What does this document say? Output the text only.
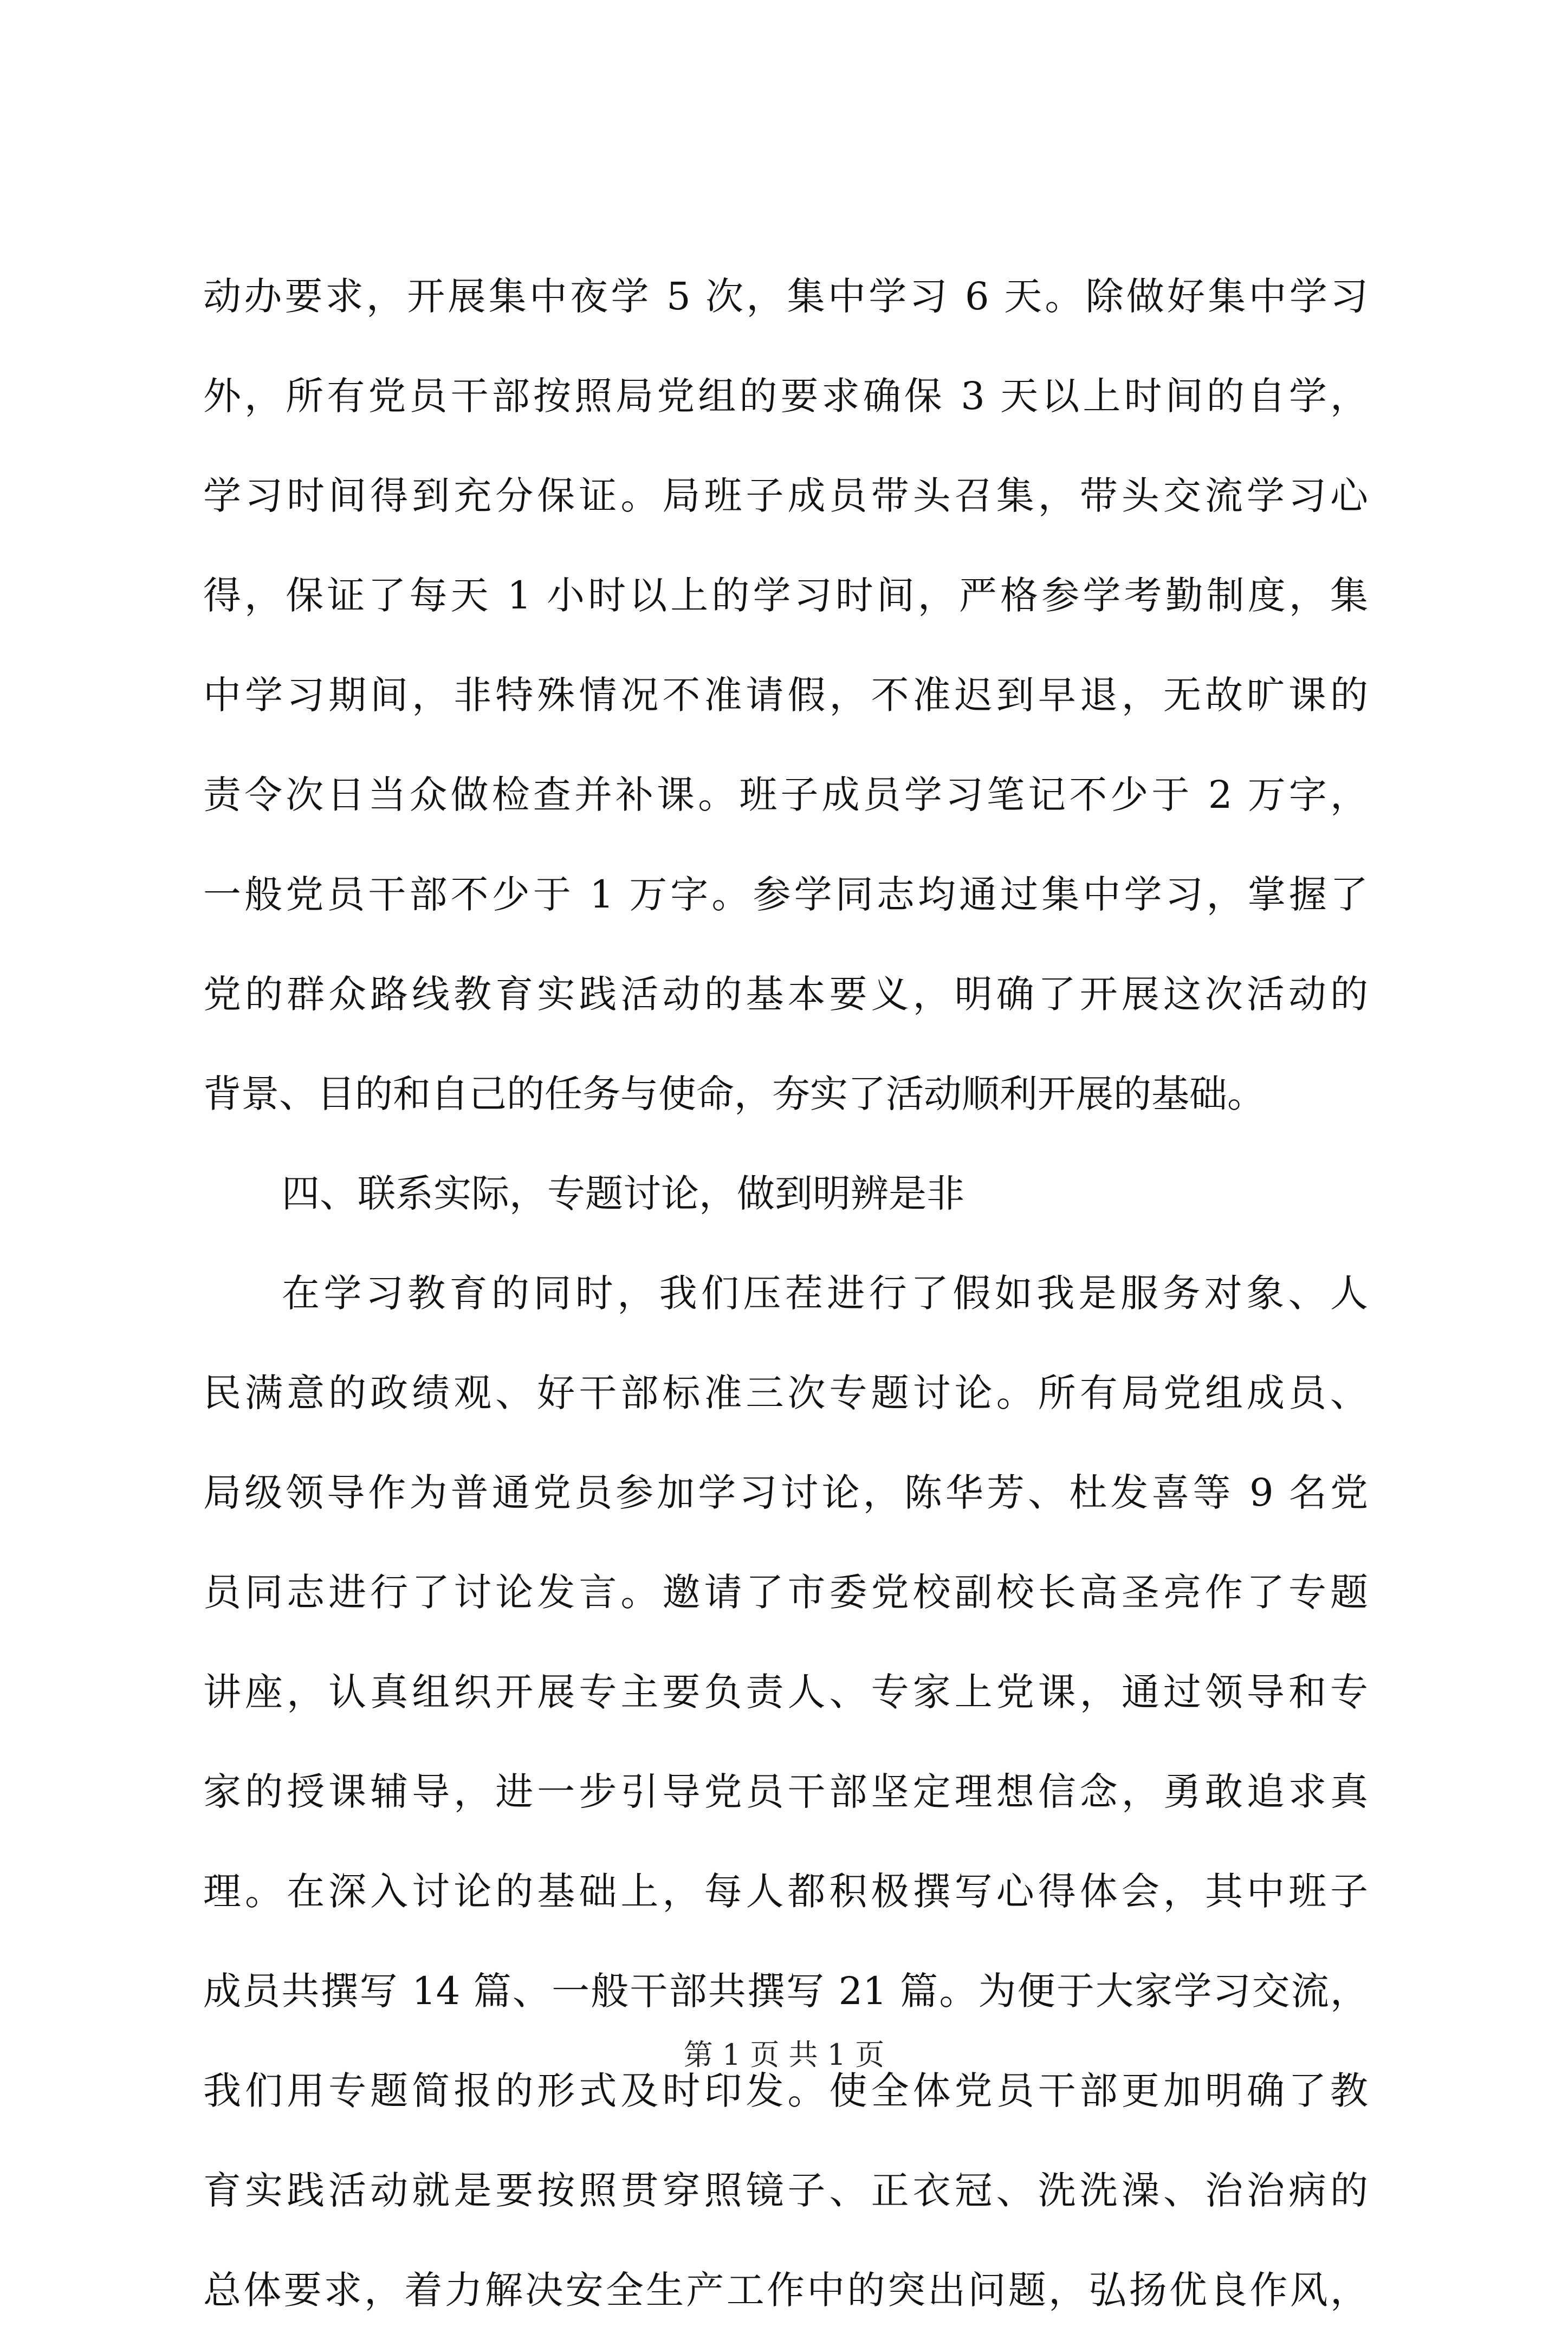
动办要求，开展集中夜学 5 次，集中学习 6 天。除做好集中学习
外，所有党员干部按照局党组的要求确保 3 天以上时间的自学，
学习时间得到充分保证。局班子成员带头召集，带头交流学习心
得，保证了每天 1 小时以上的学习时间，严格参学考勤制度，集
中学习期间，非特殊情况不准请假，不准迟到早退，无故旷课的
责令次日当众做检查并补课。班子成员学习笔记不少于 2 万字，
一般党员干部不少于 1 万字。参学同志均通过集中学习，掌握了
党的群众路线教育实践活动的基本要义，明确了开展这次活动的
背景、目的和自己的任务与使命，夯实了活动顺利开展的基础。
四、联系实际，专题讨论，做到明辨是非
在学习教育的同时，我们压茬进行了假如我是服务对象、人
民满意的政绩观、好干部标准三次专题讨论。所有局党组成员、
局级领导作为普通党员参加学习讨论，陈华芳、杜发喜等 9 名党
员同志进行了讨论发言。邀请了市委党校副校长高圣亮作了专题
讲座，认真组织开展专主要负责人、专家上党课，通过领导和专
家的授课辅导，进一步引导党员干部坚定理想信念，勇敢追求真
理。在深入讨论的基础上，每人都积极撰写心得体会，其中班子
成员共撰写 14 篇、一般干部共撰写 21 篇。为便于大家学习交流，
我们用专题简报的形式及时印发。使全体党员干部更加明确了教
育实践活动就是要按照贯穿照镜子、正衣冠、洗洗澡、治治病的
总体要求，着力解决安全生产工作中的突出问题，弘扬优良作风，
第 1 页 共 1 页
